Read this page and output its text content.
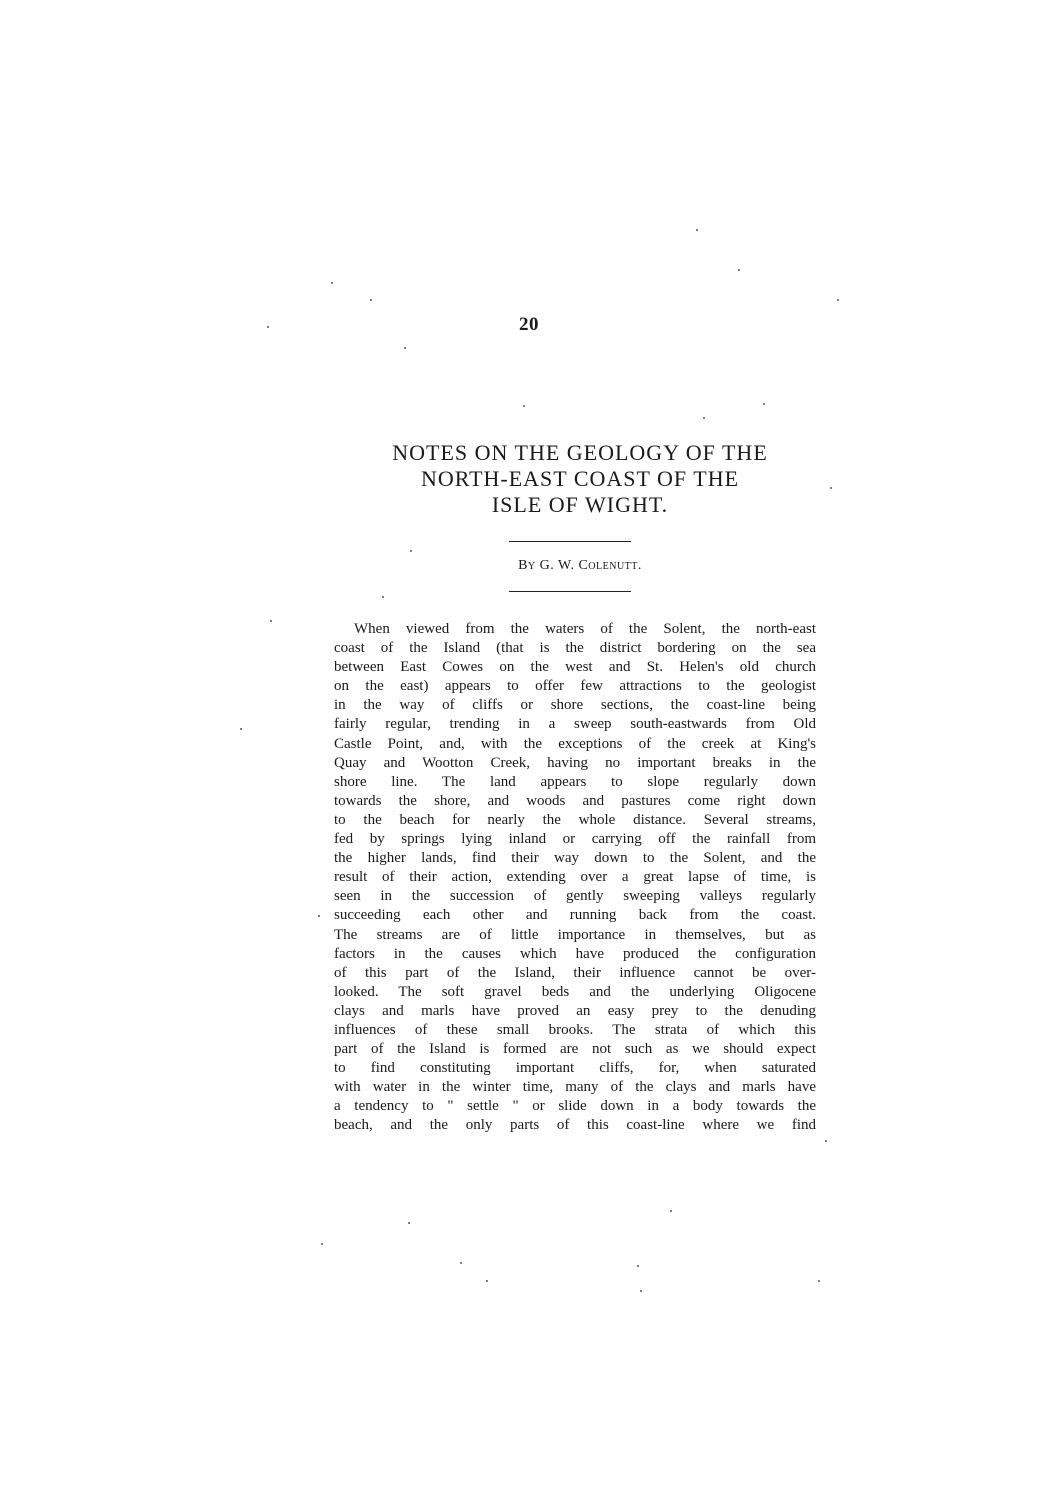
20
NOTES ON THE GEOLOGY OF THE
NORTH-EAST COAST OF THE
ISLE OF WIGHT.
By G. W. Colenutt.
When viewed from the waters of the Solent, the north-east
coast of the Island (that is the district bordering on the sea
between East Cowes on the west and St. Helen's old church
on the east) appears to offer few attractions to the geologist
in the way of cliffs or shore sections, the coast-line being
fairly regular, trending in a sweep south-eastwards from Old
Castle Point, and, with the exceptions of the creek at King's
Quay and Wootton Creek, having no important breaks in the
shore line. The land appears to slope regularly down
towards the shore, and woods and pastures come right down
to the beach for nearly the whole distance. Several streams,
fed by springs lying inland or carrying off the rainfall from
the higher lands, find their way down to the Solent, and the
result of their action, extending over a great lapse of time, is
seen in the succession of gently sweeping valleys regularly
succeeding each other and running back from the coast.
The streams are of little importance in themselves, but as
factors in the causes which have produced the configuration
of this part of the Island, their influence cannot be over-
looked. The soft gravel beds and the underlying Oligocene
clays and marls have proved an easy prey to the denuding
influences of these small brooks. The strata of which this
part of the Island is formed are not such as we should expect
to find constituting important cliffs, for, when saturated
with water in the winter time, many of the clays and marls have
a tendency to " settle " or slide down in a body towards the
beach, and the only parts of this coast-line where we find
